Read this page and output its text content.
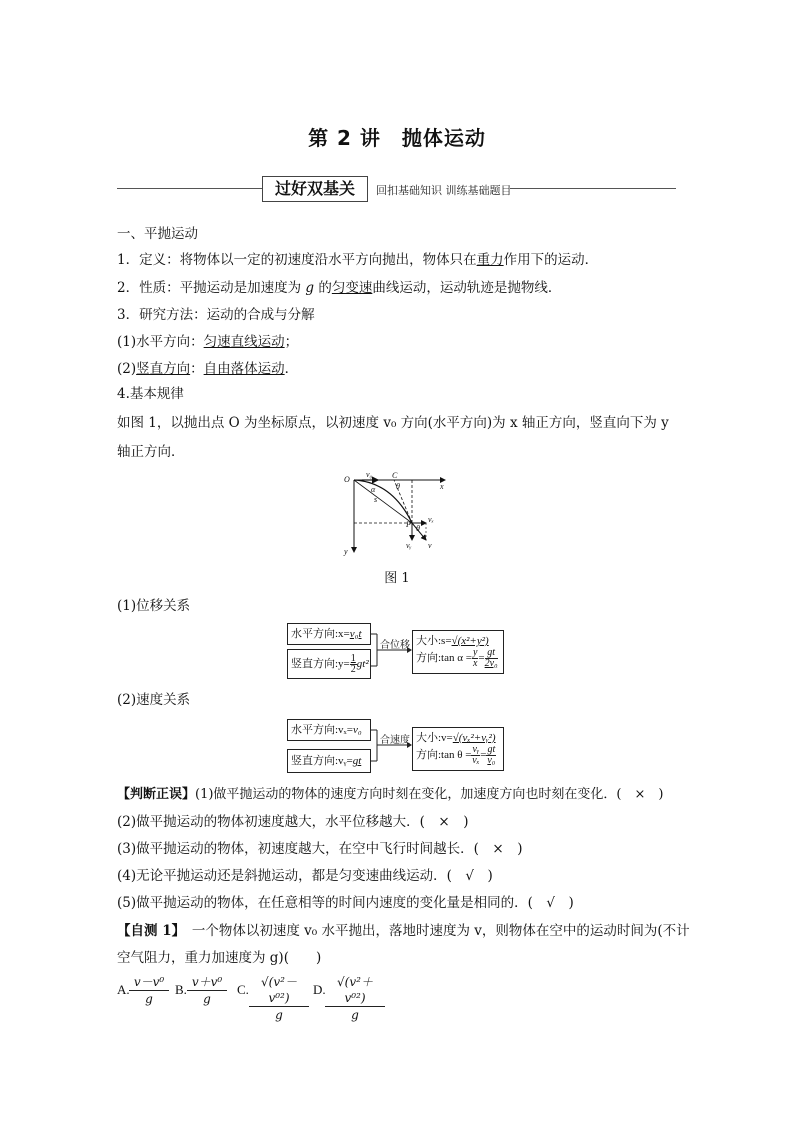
第 2 讲　抛体运动
过好双基关	回扣基础知识 训练基础题目
一、平抛运动
1．定义：将物体以一定的初速度沿水平方向抛出，物体只在重力作用下的运动．
2．性质：平抛运动是加速度为 g 的匀变速曲线运动，运动轨迹是抛物线．
3．研究方法：运动的合成与分解
(1)水平方向：匀速直线运动；
(2)竖直方向：自由落体运动．
4.基本规律
如图 1，以抛出点 O 为坐标原点，以初速度 v₀ 方向(水平方向)为 x 轴正方向，竖直向下为 y
轴正方向．
O
v₀ C
x
θ
α
s
P
vₓ
vᵧ v
θ
y
图 1
(1)位移关系
水平方向:x=v₀t
竖直方向:y= $\frac{1}{2} gt^2$
合位移 大小:s=√(x²+y²)
方向:tan $\alpha = \frac{y}{x} = \frac{gt}{\text{2v₀}}$
(2)速度关系
水平方向:vₓ=v₀
竖直方向:vᵧ=gt
合速度 大小:v=√(vₓ²+vᵧ²)
方向:tan $\theta = \frac{\text{vᵧ}}{\text{vₓ}} = \frac{gt}{\text{v₀}}$
【判断正误】(1)做平抛运动的物体的速度方向时刻在变化，加速度方向也时刻在变化．(　×　)
(2)做平抛运动的物体初速度越大，水平位移越大．(　×　)
(3)做平抛运动的物体，初速度越大，在空中飞行时间越长．(　×　)
(4)无论平抛运动还是斜抛运动，都是匀变速曲线运动．(　√　)
(5)做平抛运动的物体，在任意相等的时间内速度的变化量是相同的．(　√　)
【自测 1】　一个物体以初速度 v₀ 水平抛出，落地时速度为 v，则物体在空中的运动时间为(不计
空气阻力，重力加速度为 g)(　　)
A. v－v⁰
g
B. v＋v⁰
g
C.	√(v²－v⁰²)
g
D. √(v²＋v⁰²)
g
